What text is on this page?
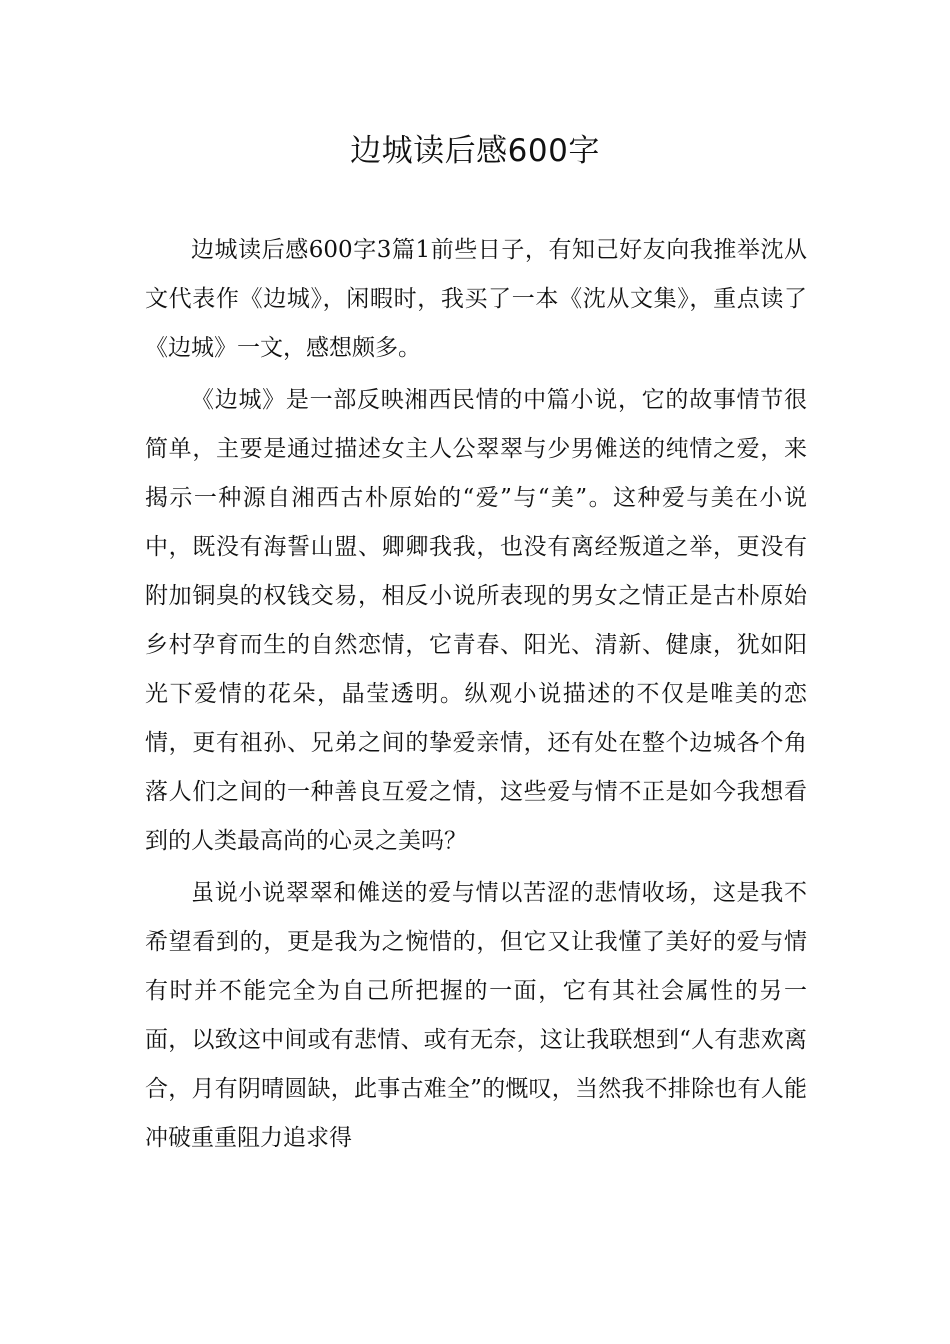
边城读后感600字

边城读后感600字3篇1前些日子，有知己好友向我推举沈从文代表作《边城》，闲暇时，我买了一本《沈从文集》，重点读了《边城》一文，感想颇多。

《边城》是一部反映湘西民情的中篇小说，它的故事情节很简单，主要是通过描述女主人公翠翠与少男傩送的纯情之爱，来揭示一种源自湘西古朴原始的“爱”与“美”。这种爱与美在小说中，既没有海誓山盟、卿卿我我，也没有离经叛道之举，更没有附加铜臭的权钱交易，相反小说所表现的男女之情正是古朴原始乡村孕育而生的自然恋情，它青春、阳光、清新、健康，犹如阳光下爱情的花朵，晶莹透明。纵观小说描述的不仅是唯美的恋情，更有祖孙、兄弟之间的挚爱亲情，还有处在整个边城各个角落人们之间的一种善良互爱之情，这些爱与情不正是如今我想看到的人类最高尚的心灵之美吗？

虽说小说翠翠和傩送的爱与情以苦涩的悲情收场，这是我不希望看到的，更是我为之惋惜的，但它又让我懂了美好的爱与情有时并不能完全为自己所把握的一面，它有其社会属性的另一面，以致这中间或有悲情、或有无奈，这让我联想到“人有悲欢离合，月有阴晴圆缺，此事古难全”的慨叹，当然我不排除也有人能冲破重重阻力追求得
